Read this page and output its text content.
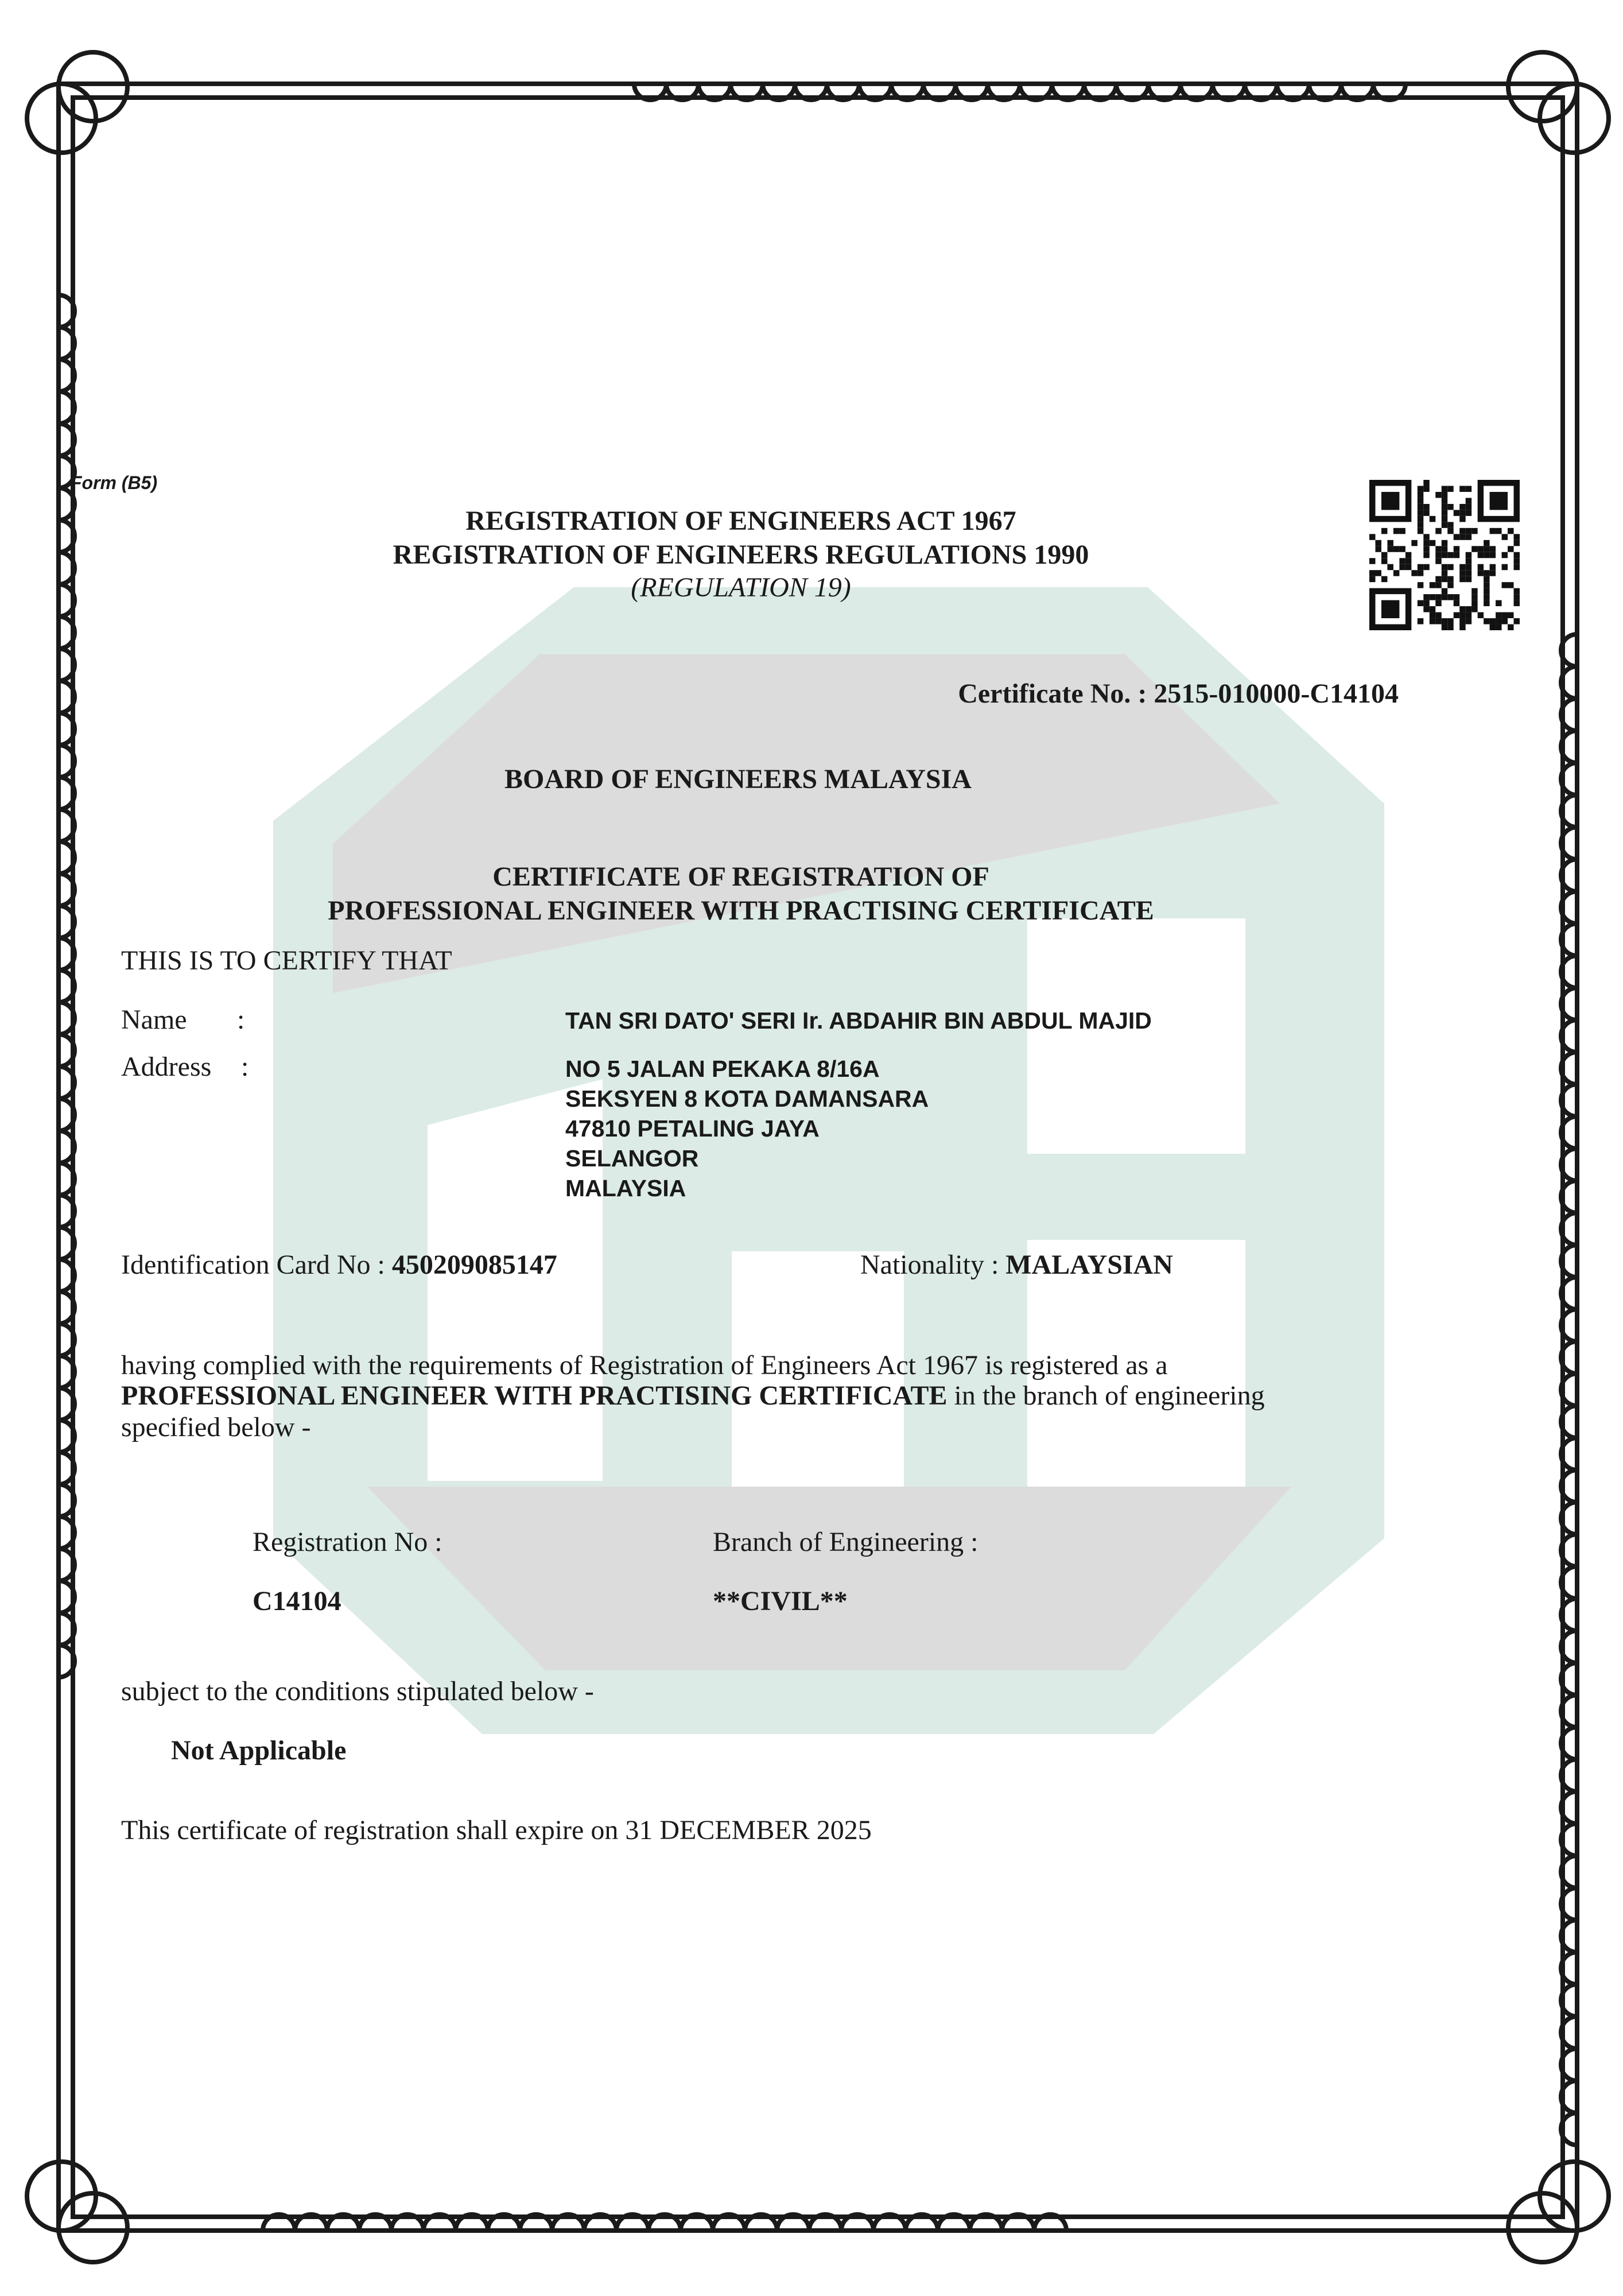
Form (B5)
REGISTRATION OF ENGINEERS ACT 1967
REGISTRATION OF ENGINEERS REGULATIONS 1990
(REGULATION 19)
Certificate No. : 2515-010000-C14104
BOARD OF ENGINEERS MALAYSIA
CERTIFICATE OF REGISTRATION OF
PROFESSIONAL ENGINEER WITH PRACTISING CERTIFICATE
THIS IS TO CERTIFY THAT
Name :	TAN SRI DATO' SERI Ir. ABDAHIR BIN ABDUL MAJID
Address :	NO 5 JALAN PEKAKA 8/16A
SEKSYEN 8 KOTA DAMANSARA
47810 PETALING JAYA
SELANGOR
MALAYSIA
Identification Card No : 450209085147	Nationality : MALAYSIAN
having complied with the requirements of Registration of Engineers Act 1967 is registered as a
PROFESSIONAL ENGINEER WITH PRACTISING CERTIFICATE in the branch of engineering
specified below -
Registration No :	Branch of Engineering :
C14104	**CIVIL**
subject to the conditions stipulated below -
Not Applicable
This certificate of registration shall expire on 31 DECEMBER 2025
